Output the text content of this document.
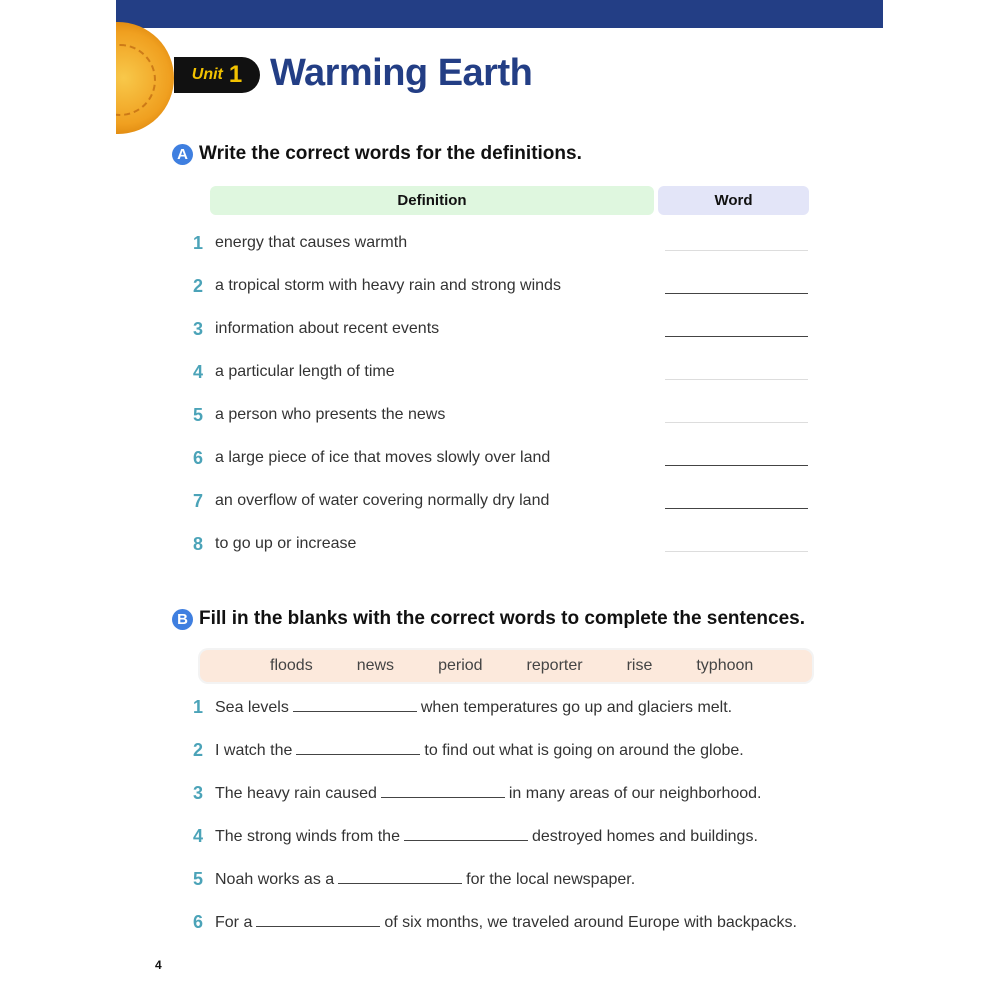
Unit 1 Warming Earth
A Write the correct words for the definitions.
Definition	Word
1 energy that causes warmth
2 a tropical storm with heavy rain and strong winds
3 information about recent events
4 a particular length of time
5 a person who presents the news
6 a large piece of ice that moves slowly over land
7 an overflow of water covering normally dry land
8 to go up or increase
B Fill in the blanks with the correct words to complete the sentences.
floods	news	period	reporter	rise	typhoon
1 Sea levels	when temperatures go up and glaciers melt.
2 I watch the	to find out what is going on around the globe.
3 The heavy rain caused	in many areas of our neighborhood.
4 The strong winds from the	destroyed homes and buildings.
5 Noah works as a	for the local newspaper.
6 For a	of six months, we traveled around Europe with backpacks.
4
